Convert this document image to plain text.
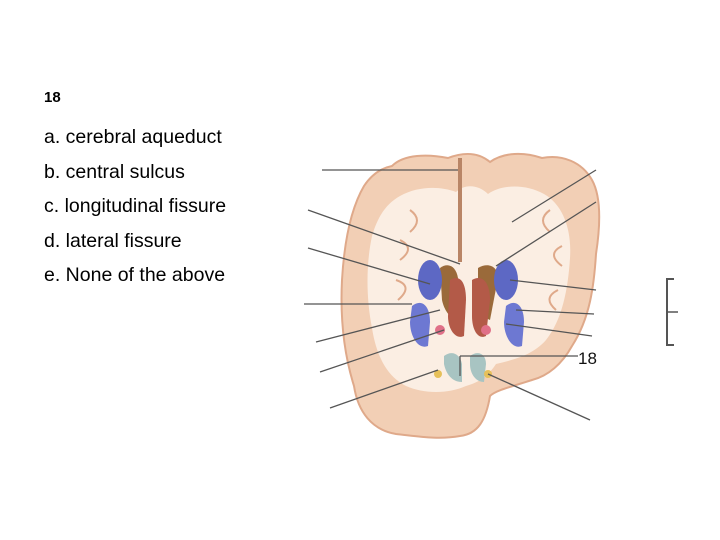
18
a. cerebral aqueduct
b. central sulcus
c. longitudinal fissure
d. lateral fissure
e. None of the above
18
